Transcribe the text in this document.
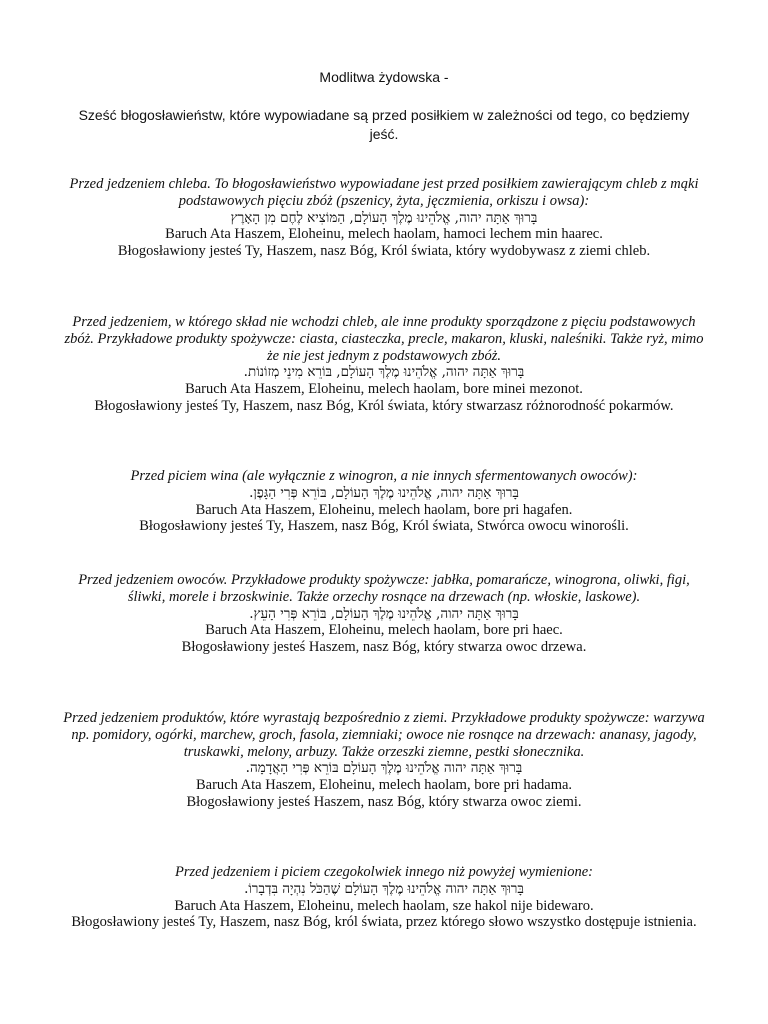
Modlitwa żydowska -
Sześć błogosławieństw, które wypowiadane są przed posiłkiem w zależności od tego, co będziemy jeść.
Przed jedzeniem chleba. To błogosławieństwo wypowiadane jest przed posiłkiem zawierającym chleb z mąki podstawowych pięciu zbóż (pszenicy, żyta, jęczmienia, orkiszu i owsa):
בָּרוּךְ אַתָּה יהוה, אֱלֹהֵינוּ מֶלֶךְ הָעוֹלָם, הַמּוֹצִיא לֶחֶם מִן הָאָרֶץ
Baruch Ata Haszem, Eloheinu, melech haolam, hamoci lechem min haarec.
Błogosławiony jesteś Ty, Haszem, nasz Bóg, Król świata, który wydobywasz z ziemi chleb.
Przed jedzeniem, w którego skład nie wchodzi chleb, ale inne produkty sporządzone z pięciu podstawowych zbóż. Przykładowe produkty spożywcze: ciasta, ciasteczka, precle, makaron, kluski, naleśniki. Także ryż, mimo że nie jest jednym z podstawowych zbóż.
בָּרוּךְ אַתָּה יהוה, אֱלֹהֵינוּ מֶלֶךְ הָעוֹלָם, בּוֹרֵא מִינֵי מְזוֹנוֹת.
Baruch Ata Haszem, Eloheinu, melech haolam, bore minei mezonot.
Błogosławiony jesteś Ty, Haszem, nasz Bóg, Król świata, który stwarzasz różnorodność pokarmów.
Przed piciem wina (ale wyłącznie z winogron, a nie innych sfermentowanych owoców):
בָּרוּךְ אַתָּה יהוה, אֱלֹהֵינוּ מֶלֶךְ הָעוֹלָם, בּוֹרֵא פְּרִי הַגָּפֶן.
Baruch Ata Haszem, Eloheinu, melech haolam, bore pri hagafen.
Błogosławiony jesteś Ty, Haszem, nasz Bóg, Król świata, Stwórca owocu winorośli.
Przed jedzeniem owoców. Przykładowe produkty spożywcze: jabłka, pomarańcze, winogrona, oliwki, figi, śliwki, morele i brzoskwinie. Także orzechy rosnące na drzewach (np. włoskie, laskowe).
בָּרוּךְ אַתָּה יהוה, אֱלֹהֵינוּ מֶלֶךְ הָעוֹלָם, בּוֹרֵא פְּרִי הָעֵץ.
Baruch Ata Haszem, Eloheinu, melech haolam, bore pri haec.
Błogosławiony jesteś Haszem, nasz Bóg, który stwarza owoc drzewa.
Przed jedzeniem produktów, które wyrastają bezpośrednio z ziemi. Przykładowe produkty spożywcze: warzywa np. pomidory, ogórki, marchew, groch, fasola, ziemniaki; owoce nie rosnące na drzewach: ananasy, jagody, truskawki, melony, arbuzy. Także orzeszki ziemne, pestki słonecznika.
בָּרוּךְ אַתָּה יהוה אֱלֹהֵינוּ מֶלֶךְ הָעוֹלָם בּוֹרֵא פְּרִי הָאֲדָמָה.
Baruch Ata Haszem, Eloheinu, melech haolam, bore pri hadama.
Błogosławiony jesteś Haszem, nasz Bóg, który stwarza owoc ziemi.
Przed jedzeniem i piciem czegokolwiek innego niż powyżej wymienione:
בָּרוּךְ אַתָּה יהוה אֱלֹהֵינוּ מֶלֶךְ הָעוֹלָם שֶׁהַכֹּל נִהְיָה בִּדְבָרוֹ.
Baruch Ata Haszem, Eloheinu, melech haolam, sze hakol nije bidewaro.
Błogosławiony jesteś Ty, Haszem, nasz Bóg, król świata, przez którego słowo wszystko dostępuje istnienia.
